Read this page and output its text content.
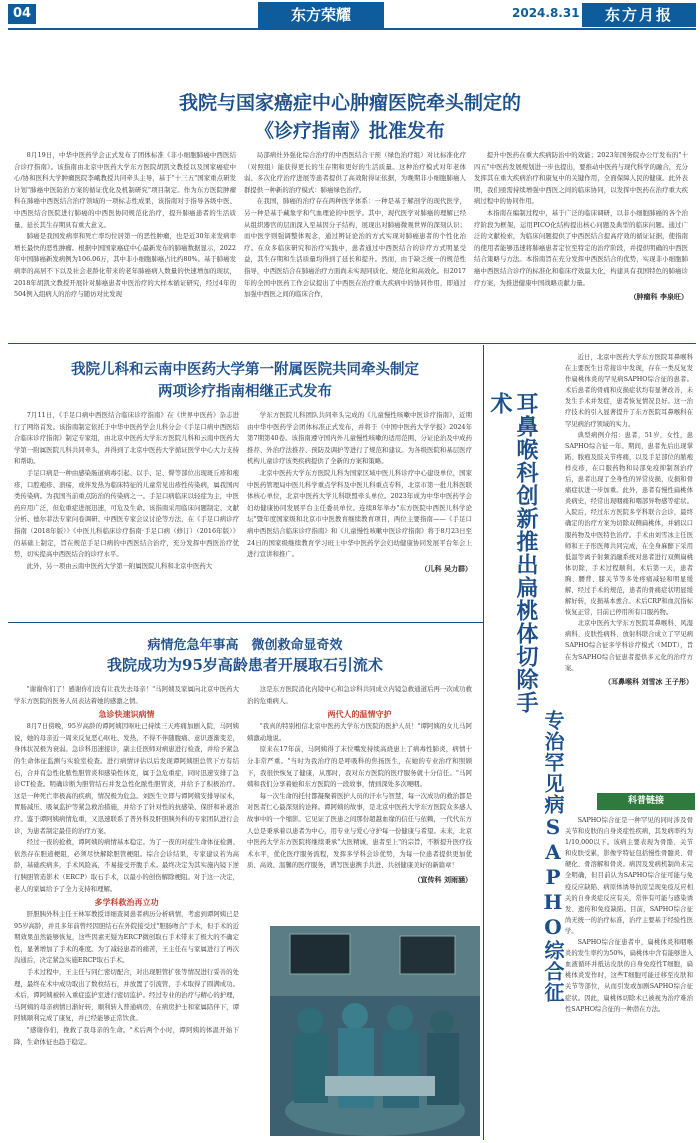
04	东方荣耀	2024.8.31	东方月报
我院与国家癌症中心肿瘤医院牵头制定的
《诊疗指南》批准发布

8月19日，中华中医药学会正式发布了团体标准《非小细胞肺癌中西医结合诊疗指南》。该指南由北京中医药大学东方医院胡凯文教授以及国家癌症中心/协和医科大学肿瘤医院李峨教授共同牵头主导，基于"十三五"国家重点研发计划"肺癌中医防治方案的循证优化及机制研究"项目制定。作为东方医院肿瘤科在肺癌中西医结合治疗领域的一项标志性成果，该指南对于指导各级中医、中西医结合医院进行肺癌的中西医协同规范化治疗，提升肺癌患者的生活质量、延长其生存期具有重大意义。

肺癌是我国发病率和死亡率均位居第一的恶性肿瘤，也是近30年来发病率增长最快的恶性肿瘤。根据中国国家癌症中心最新发布的肺癌数据显示，2022年中国肺癌新发病例为106.06万，其中非小细胞肺癌占比约80%。基于肺癌发病率的高居不下以及社会老龄化带来的老年肺癌病人数量的快速增加的现状，2018年胡凯文教授开展针对肺癌患者中医治疗的大样本循证研究，经过4年的504例入组病人的治疗与随访对比发现

局部病灶外强化综合治疗的中西医结合干预（绿色治疗组）对比标准化疗（对照组）能获得更长的生存期和更好的生活质量。这种治疗模式对年老体弱、多次化疗治疗进展等患者提供了高效附得证依据，为晚期非小细胞肺癌人群提供一种新的治疗模式：肺癌绿色治疗。

在我国，肺癌的治疗存在两种医学体系：一种是基于解剖学的现代医学，另一种是基于藏象学和气血理论的中医学。其中，现代医学对肺癌的理解已经从组织器官的层面深入至基因分子结构，展现出对肺癌微观世界的深刻认识；而中医学则强调整体观念，通过辨证论治的方式实现对肺癌患者的个性化治疗。在众多临床研究和治疗实践中，患者通过中西医结合的诊疗方式明显受益，其生存期和生活质量均得到了延长和提升。然而，由于缺乏统一的规范性指导，中西医结合在肺癌治疗方面尚未实现同质化、规范化和高效化。但2017年的全国中医药工作会议提出了中西医在治疗重大疾病中的协同作用，即通过加强中西医之间的临床合作，

提升中医药在重大疾病防治中的效能；2023年国务院办公厅发布的"十四五"中医药发展规划进一步也提出，要推动中医药与现代科学的融合，充分发挥其在重大疾病治疗和康复中的关键作用，全面保障人民的健康。此外表明，我们亟需持续增强中西医之间的临床协同，以发挥中医药在治疗重大疾病过程中的协同作用。

本指南在编制过程中，基于广泛的临床调研，以非小细胞肺癌的各个治疗阶段为框架，运用PICO化结构提出核心问题及典型的临床问题。通过广泛的文献检索，为临床问题提供了中西医结合提高疗效的循证证据，使指南的使用者能够迅速将肺癌患者定位至特定的治疗阶段，并提供明确的中西医结合策略与方法。本指南旨在充分发挥中西医结合的优势，实现非小细胞肺癌中西医结合诊疗的标准化和临床疗效最大化，构建具有我国特色的肺癌诊疗方案，为推进健康中国战略贡献力量。

（肿瘤科 李泉旺）
我院儿科和云南中医药大学第一附属医院共同牵头制定
两项诊疗指南相继正式发布

7月11日，《手足口病中西医结合临床诊疗指南》在《世界中医药》杂志进行了网络首发。该指南制定依托于中华中医药学会儿科分会《手足口病中西医结合临床诊疗指南》制定专家组，由北京中医药大学东方医院儿科和云南中医药大学第一附属医院儿科共同牵头，并得到了北京中医药大学循证医学中心大力支持和帮助。

手足口病是一种由感染肠道病毒引起、以手、足、臀等部位出现斑丘疹和疱疹，口腔疱疹、溃疡，或伴发热为临床特征的儿童常见出疹性传染病，属我国丙类传染病。为我国当前重点防治的传染病之一。手足口病临床以轻症为主，中医药应用广泛，但危重症进展迅速，可危及生命。该指南采用临床问题制定、文献分析、德尔菲法专家问卷调研、中西医专家会议讨论等方法，在《手足口病诊疗指南（2018年版）》《中医儿科临床诊疗指南·手足口病（修订）（2016年版）》的基础上制定，旨在规范手足口病的中西医结合治疗，充分发挥中西医治疗优势，切实提高中西医结合的诊疗水平。

此外，另一项由云南中医药大学第一附属医院儿科和北京中医药大

学东方医院儿科团队共同牵头完成的《儿童慢性咳嗽中医诊疗指南》，近期由中华中医药学会团体标准正式发布，并将于《中国中医药大学学报》2024年第7期第40卷。该指南遵守国内外儿童慢性咳嗽的适用范围、分证论治及中成药推荐、外治疗法推荐、预防及调护等进行了规范和建议。为各级医院和基层医疗机构儿童诊疗该类疾病提供了全新的方案和策略。

北京中医药大学东方医院儿科为国家区域中医儿科诊疗中心建设单位，国家中医药管理局中医儿科学重点学科及中医儿科重点专科，北京市第一批儿科医联体核心单位，北京中医药大学儿科联盟牵头单位。2023年成为中华中医药学会妇幼健康协同发展平台主任委员单位。连续8年举办"东方医院中西医儿科学论坛"暨年度国家级和北京市中医教育继续教育项目，两位主要指南——《手足口病中西医结合临床诊疗指南》和《儿童慢性咳嗽中医诊疗指南》将于8月23日至24日的国家级继续教育学习班上中华中医药学会妇幼健康协同发展平台年会上进行宣讲和推广。

（儿科 吴力群）
病情危急年事高　微创救命显奇效
我院成功为95岁高龄患者开展取石引流术

"谢谢你们了！感谢你们没有让我失去母亲！"马阿姨及家属向北京中医药大学东方医院的医务人员表达着她的感激之情。

急诊快速识病情

8月7日傍晚，95岁高龄的谭阿姨因呕吐已持续三天疼痛加剧入院，马阿姨说，她的母亲近一周来反复恶心呕吐、发热，不得不伴随腹痛、意识逐渐变差，身体状况极为衰弱。急诊科迅速接诊，副主任医师对病患进行检查，并给予紧急的生命体征监测与实验室检查。进行病情评估以后发现谭阿姨胆总管下方有结石，合并有急性化脓性胆管炎和感染性休克，属于急危重症，同时迅速安排了急诊CT检查。明确诊断为胆管结石并发急性化脓性胆管炎，并给予了积极治疗。这是一种死亡率极高的疾病，情况极为危急。刘医生立即与谭阿姨安排导尿术，胃肠减压、吸氧监护等紧急救治措施，并给予了针对性的抗感染、保肝和补液治疗。鉴于谭阿姨病情危重，又迅速联系了普外科及肝胆胰外科的专家团队进行会诊，为患者制定最佳的治疗方案。

经过一夜的抢救，谭阿姨的病情基本稳定。为了一夜的对症生命体征检测、依然存在胆道梗阻，必须尽快解除胆管梗阻。综合会诊结果，专家建议若为高龄，基础疾病多，手术风险高，不易接受开腹手术。最终决定为其实施内镜下逆行胰胆管造影术（ERCP）取石手术，以最小的创伤解除梗阻。对于这一决定，老人的家属给予了全力支持和理解。

多学科救治再立功

肝胆胰外科主任王林军教授详细查阅患者病历分析病情，考虑到谭阿姨已是95岁高龄，并且多年前曾经因胆结石在外院接受过"胆肠吻合"手术，但手术的近期效果虽然能够恢复，这些因素无疑为ERCP微创取石手术带来了极大的不确定性，显著增加了手术的难度。为了减轻患者的痛苦，王主任在与家属进行了再次沟通后，决定紧急实施ERCP取石手术。

手术过程中，王主任与同仁密切配合，对出现胆管扩张等情况进行妥善的处理，最终在术中成功取出了数枚结石，并放置了引流管，手术取得了圆满成功。术后，谭阿姨被转入重症监护室进行密切监护。经过专业的治疗与精心的护理，马阿姨的母亲病情日渐好转，顺利转入普通病房，在病房护士和家属陪伴下，谭阿姨顺利完成了康复，并已经能够正常饮食。

"感谢你们，挽救了我母亲的生命。"术后两个小时，谭阿姨的体温开始下降，生命体征也趋于稳定。

这是东方医院消化内镜中心和急诊科共同成立内镜急救通道后再一次成功救治的危重病人。

两代人的温情守护

"我真的特别相信北京中医药大学东方医院的医护人员！"谭阿姨的女儿马阿姨激动地说。

原来在17年前，马阿姨得了末位嘴发持续高烧患上了病毒性肺炎，病情十分非常严重。"当时为我治疗的是呼吸科的焦扬医生，在她的专业治疗和照顾下，我很快恢复了健康，从那时，我对东方医院的医疗服务就十分信任。"马阿姨和我们分享着她和东方医院的一段故事，情到深处多次哽咽。

每一次生命的托付都凝聚着医护人员的汗水与智慧，每一次成功的救治都是对医者仁心最深刻的诠释。谭阿姨的故事，是北京中医药大学东方医院众多感人故事中的一个缩影。它见证了医患之间那份超越血缘的信任与依赖，一代代东方人总是秉承着以患者为中心，用专业与爱心守护每一份健康与希望。未来，北京中医药大学东方医院将继续秉承"大医精诚，患者至上"的宗旨，不断提升医疗技术水平，优化医疗服务流程，发挥多学科会诊优势，为每一位患者提供更加优质、高效、温馨的医疗服务，谱写医患携手共进、共创健康美好的新篇章！

（宣传科 刘雨涵）
耳鼻喉科创新推出扁桃体切除手术
专治罕见病SAPHO综合征

近日，北京中医药大学东方医院耳鼻喉科在主要医生日常接诊中发现，存在一类反复发作扁桃体炎的罕见病SAPHO综合征的患者。术后患者的骨痛和皮损症状均有显著改善，未发生手术并发症，患者恢复情况良好。这一治疗技术的引入显著提升了东方医院耳鼻喉科在罕见病治疗领域的实力。

典型病例介绍：患者，51岁，女性，患SAPHO综合征一年。期间，患者先后出现掌跖、脓疱及肢关节疼痛，以及手足部位的脓疱样皮疹，在口服药物和局部免疫抑制剂治疗后，患者出现了全身性的异常皮损，皮损和骨痛症状进一步加重。此外，患者有慢性扁桃体炎病史，经常出现咽痛和咽部异物感等症状。入院后，经过东方医院多学科联合会诊，最终确定的治疗方案为切除双侧扁桃体，并辅以口服药物及中医特色治疗。手术由刘雪冰主任医师和王子彤医师共同完成，在全身麻醉下采用低温等离子射频消融系统对患者进行双侧扁桃体切除，手术过程顺利。术后第一天，患者胸、腰背、膝关节等多处疼痛减轻和明显缓解，经过手术的规范，患者的骨痛症状明显缓解好转，皮损基本愈合。术后CRP和血沉指标恢复正常，目前已停用所有口服药物。

北京中医药大学东方医院耳鼻喉科、风湿病科、皮肤性病科、放射科联合成立了罕见病SAPHO综合征多学科诊疗模式（MDT），旨在为SAPHO综合征患者提供多元化的治疗方案。

（耳鼻喉科 刘雪冰 王子彤）
科普链接

SAPHO综合征是一种罕见的同时涉及骨关节和皮肤的自身炎症性疾病，其发病率约为1/10,000以下。该病主要表现为骨骼、关节和皮肤受累，影像学特征包括慢性骨髓炎、骨硬化、骨溶解和骨炎。病因及发病机制尚未完全明确，但目前认为SAPHO综合征可能与免疫反应缺陷、病原体诱导抗原呈现免疫反应相关的自身炎症反应有关，常伴有可能与感染诱发、遗传和免疫缺陷。目前，SAPHO综合征尚无统一的治疗标准，治疗主要基于经验性医学。

SAPHO综合征患者中，扁桃体炎和咽喉炎的发生率约为50%，扁桃体中含有能够进入血液循环并抵达皮肤的自身免疫性T细胞，扁桃体炎发作时，这些T细胞可能迁移至皮肤和关节等部位，从而引发或加剧SAPHO综合征症状。因此，扁桃体切除术已被视为治疗难治性SAPHO综合征的一种潜在方法。
